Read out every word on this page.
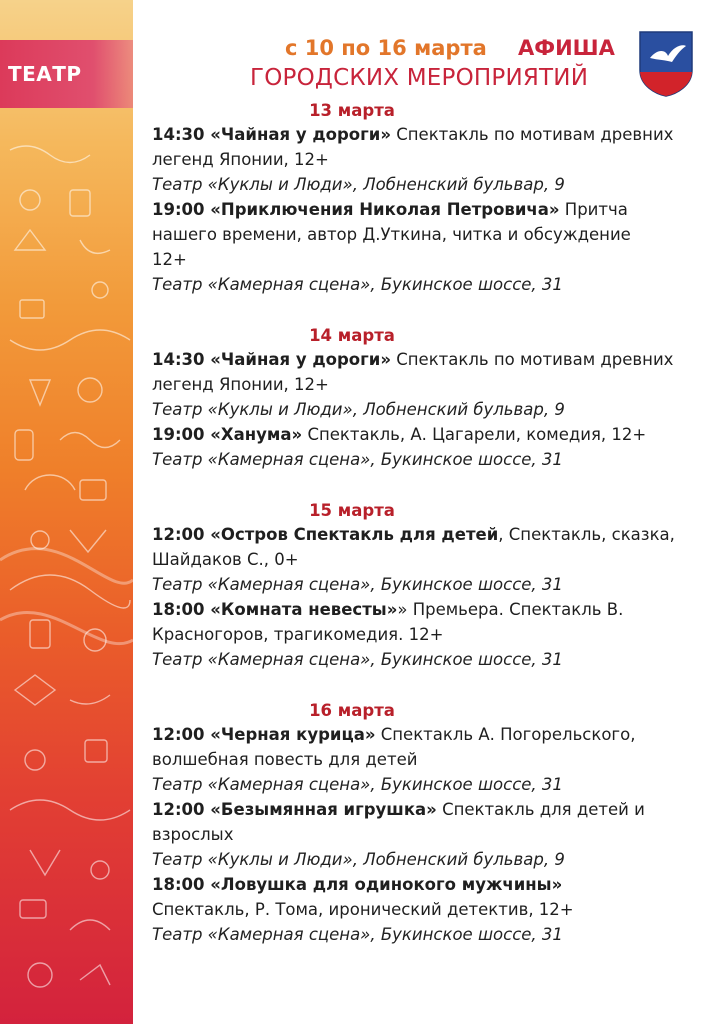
ТЕАТР
с 10 по 16 марта АФИША
ГОРОДСКИХ МЕРОПРИЯТИЙ
13 марта
14:30 «Чайная у дороги» Спектакль по мотивам древних
легенд Японии, 12+
Театр «Куклы и Люди», Лобненский бульвар, 9
19:00 «Приключения Николая Петровича» Притча
нашего времени, автор Д.Уткина, читка и обсуждение
12+
Театр «Камерная сцена», Букинское шоссе, 31
14 марта
14:30 «Чайная у дороги» Спектакль по мотивам древних
легенд Японии, 12+
Театр «Куклы и Люди», Лобненский бульвар, 9
19:00 «Ханума» Спектакль, А. Цагарели, комедия, 12+
Театр «Камерная сцена», Букинское шоссе, 31
15 марта
12:00 «Остров Спектакль для детей, Спектакль, сказка,
Шайдаков С., 0+
Театр «Камерная сцена», Букинское шоссе, 31
18:00 «Комната невесты»» Премьера. Спектакль В.
Красногоров, трагикомедия. 12+
Театр «Камерная сцена», Букинское шоссе, 31
16 марта
12:00 «Черная курица» Спектакль А. Погорельского,
волшебная повесть для детей
Театр «Камерная сцена», Букинское шоссе, 31
12:00 «Безымянная игрушка» Спектакль для детей и
взрослых
Театр «Куклы и Люди», Лобненский бульвар, 9
18:00 «Ловушка для одинокого мужчины»
Спектакль, Р. Тома, иронический детектив, 12+
Театр «Камерная сцена», Букинское шоссе, 31
